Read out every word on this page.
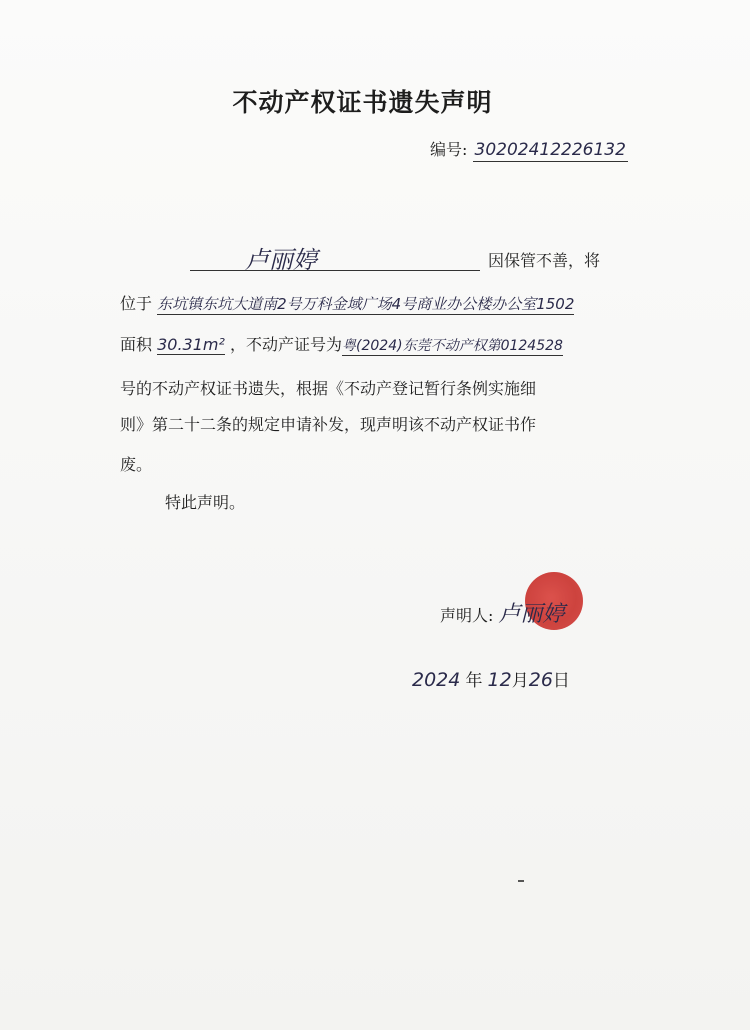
不动产权证书遗失声明
编号: 30202412226132
卢丽婷	因保管不善，将
位于 东坑镇东坑大道南2号万科金域广场4号商业办公楼办公室1502
面积 30.31m² ，不动产证号为粤(2024)东莞不动产权第0124528
号的不动产权证书遗失，根据《不动产登记暂行条例实施细
则》第二十二条的规定申请补发，现声明该不动产权证书作
废。
特此声明。
声明人: 卢丽婷
2024 年 12月26日
